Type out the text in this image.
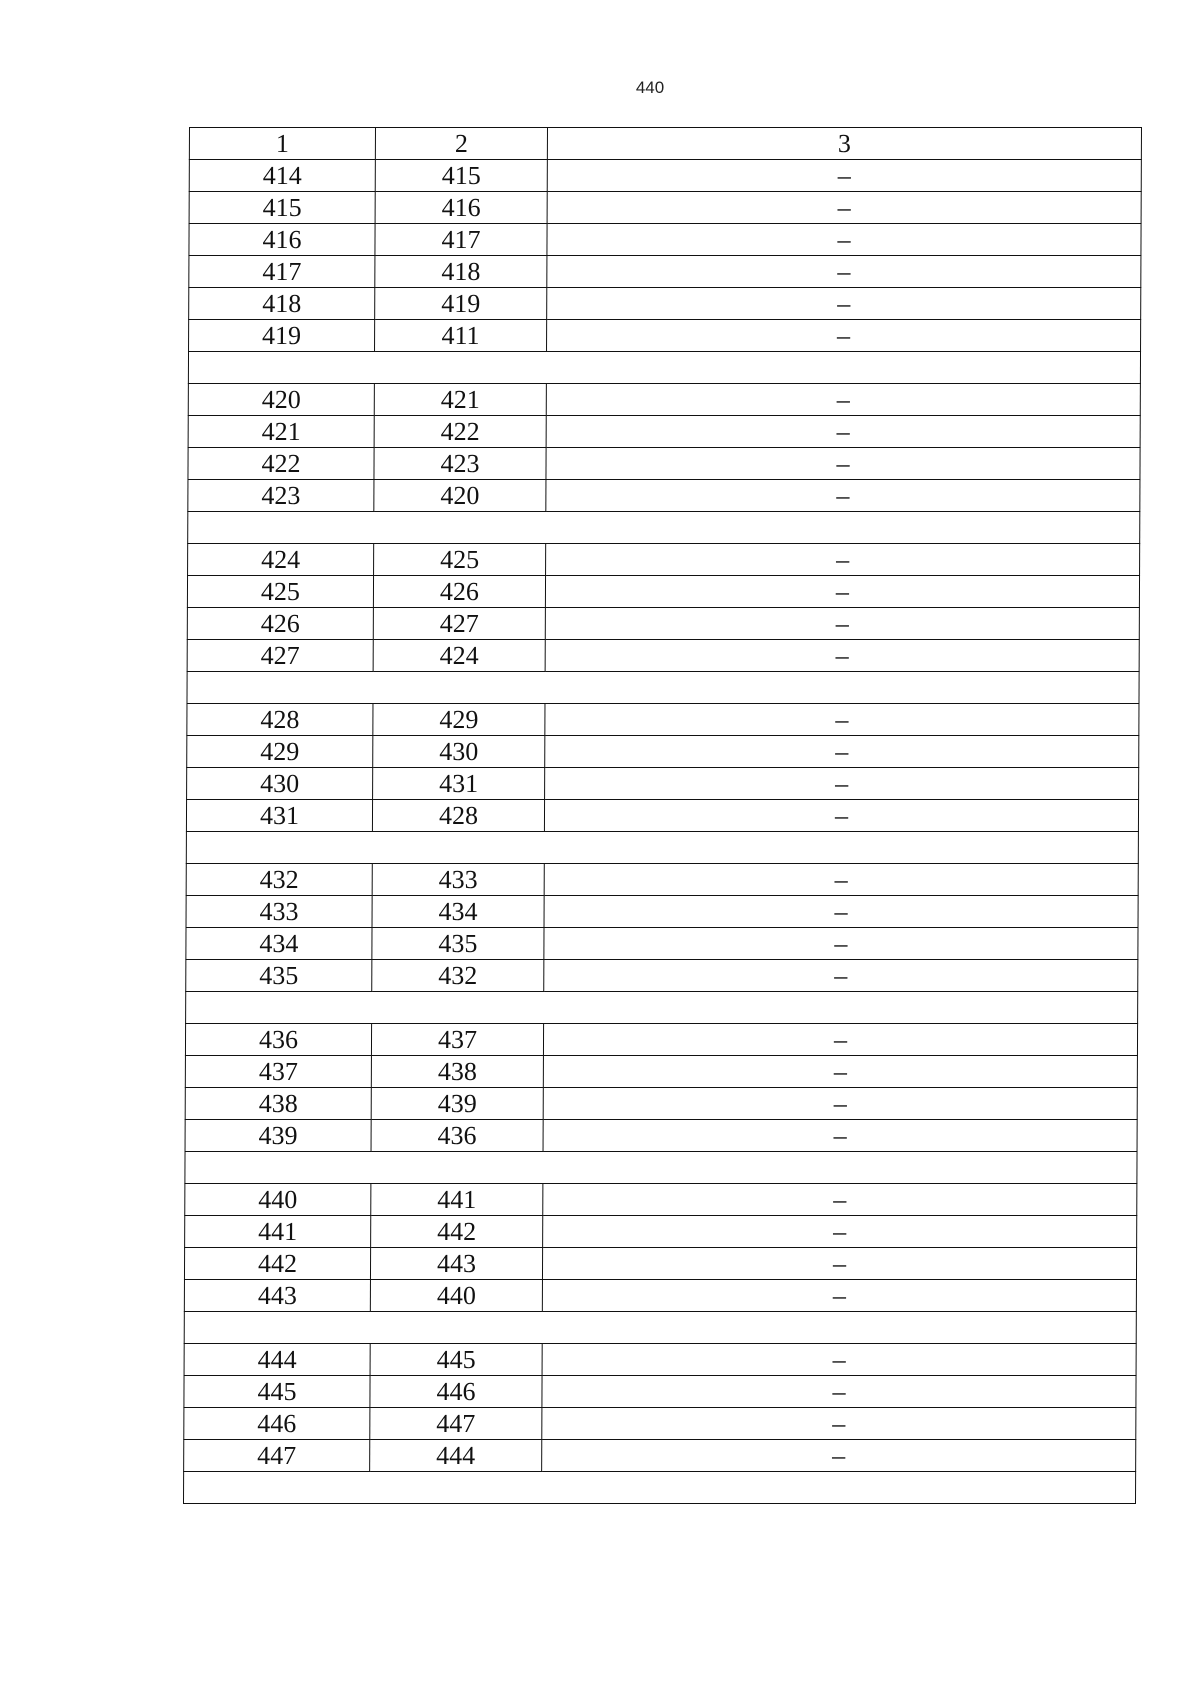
440
1	2	3
414	415	–
415	416	–
416	417	–
417	418	–
418	419	–
419	411	–

420	421	–
421	422	–
422	423	–
423	420	–

424	425	–
425	426	–
426	427	–
427	424	–

428	429	–
429	430	–
430	431	–
431	428	–

432	433	–
433	434	–
434	435	–
435	432	–

436	437	–
437	438	–
438	439	–
439	436	–

440	441	–
441	442	–
442	443	–
443	440	–

444	445	–
445	446	–
446	447	–
447	444	–
